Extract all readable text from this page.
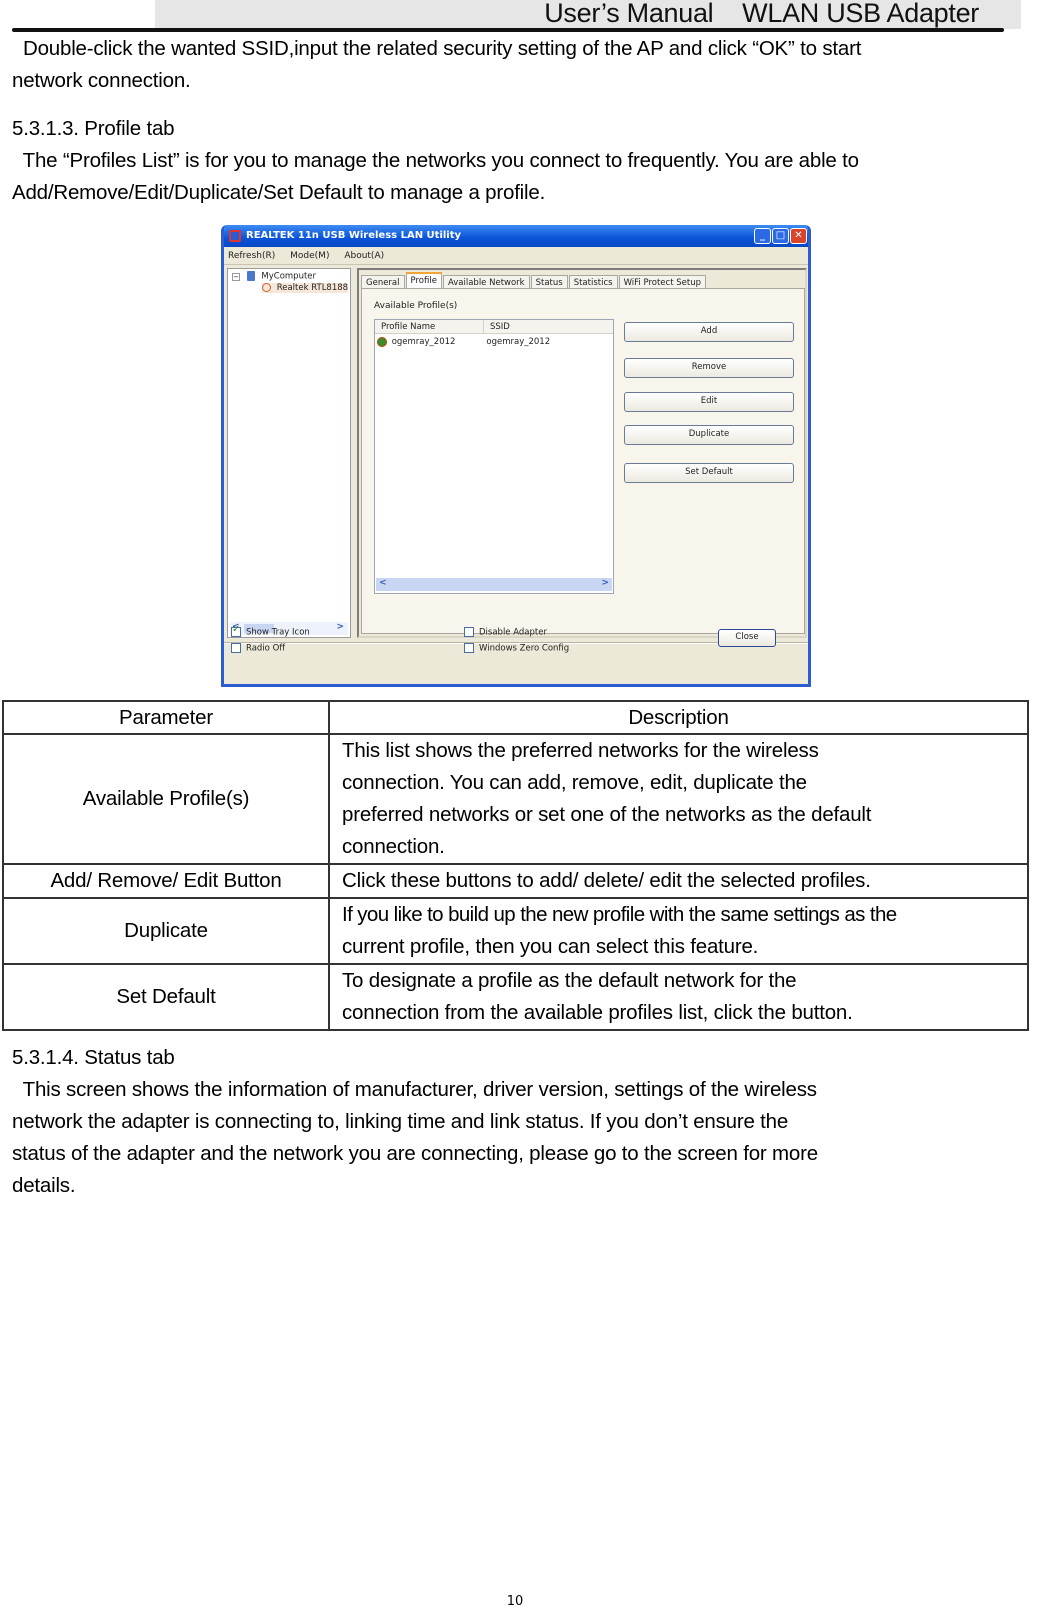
User’s Manual    WLAN USB Adapter
Double-click the wanted SSID,input the related security setting of the AP and click “OK” to start
network connection.
5.3.1.3. Profile tab
The “Profiles List” is for you to manage the networks you connect to frequently. You are able to
Add/Remove/Edit/Duplicate/Set Default to manage a profile.
REALTEK 11n USB Wireless LAN Utility	_	□ ✕
Refresh(R) Mode(M) About(A)
−	MyComputer
Realtek RTL8188
>
General Profile Available Network Status Statistics WiFi Protect Setup
Available Profile(s)
Profile Name	SSID
ogemray_2012	ogemray_2012
<	>
Add
Remove
Edit
Duplicate
Set Default
✓Show Tray Icon
Radio Off
Disable Adapter
Windows Zero Config
Close
Parameter	Description
Available Profile(s)	This list shows the preferred networks for the wireless
connection. You can add, remove, edit, duplicate the
preferred networks or set one of the networks as the default
connection.

Add/ Remove/ Edit Button	Click these buttons to add/ delete/ edit the selected profiles.

Duplicate	If you like to build up the new profile with the same settings as the
current profile, then you can select this feature.

Set Default	To designate a profile as the default network for the
connection from the available profiles list, click the button.
5.3.1.4. Status tab
This screen shows the information of manufacturer, driver version, settings of the wireless
network the adapter is connecting to, linking time and link status. If you don’t ensure the
status of the adapter and the network you are connecting, please go to the screen for more
details.
10
